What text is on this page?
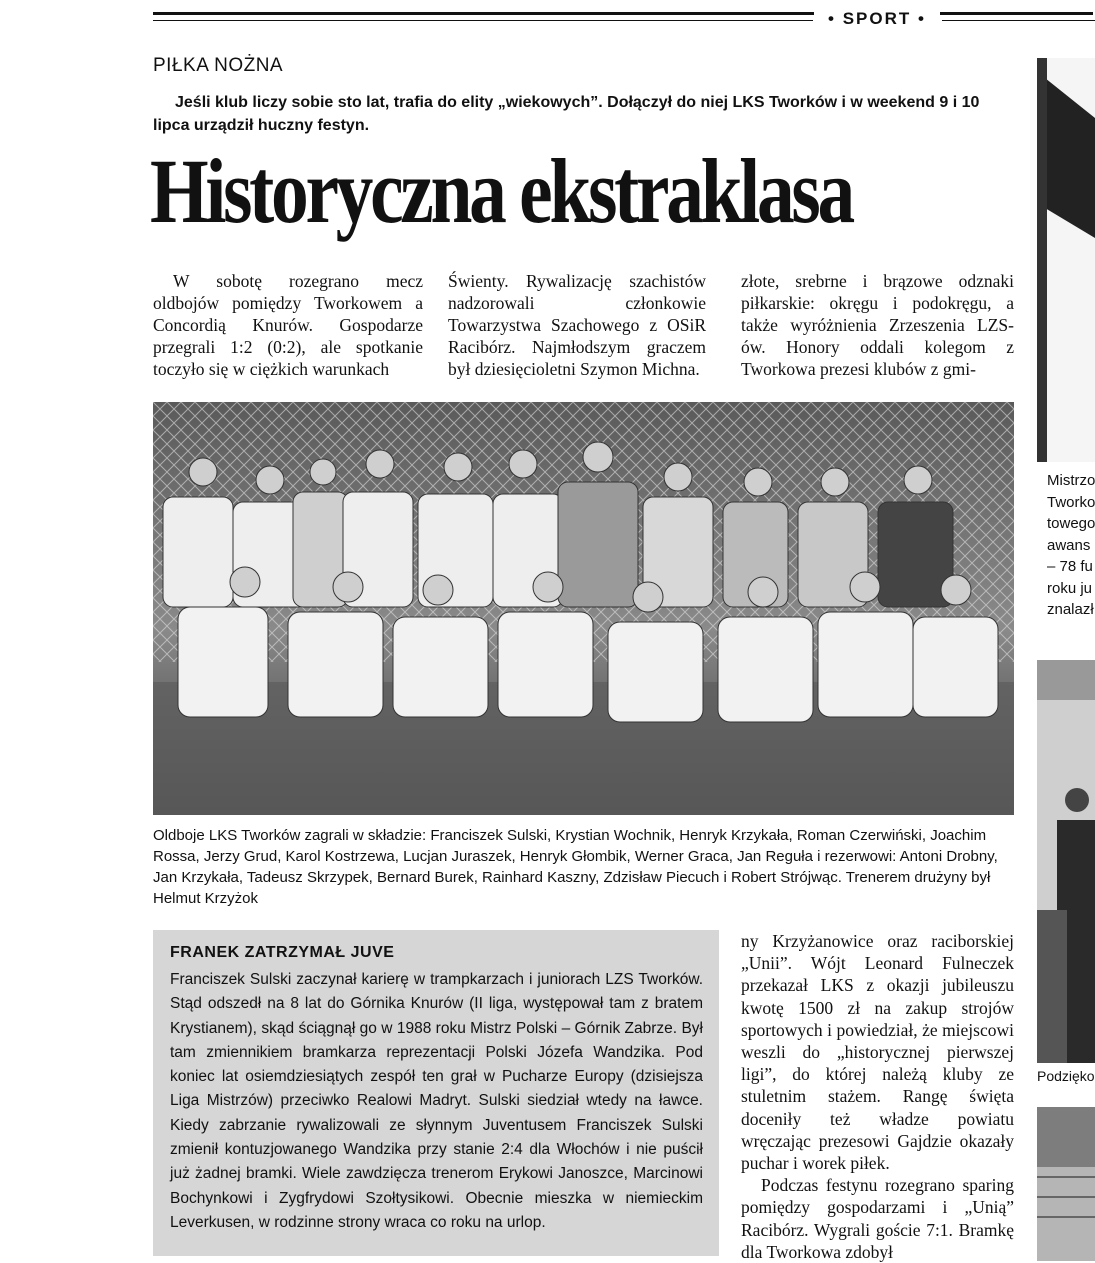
• SPORT •
PIŁKA NOŻNA
Jeśli klub liczy sobie sto lat, trafia do elity „wiekowych”. Dołączył do niej LKS Tworków i w weekend 9 i 10 lipca urządził huczny festyn.
Historyczna ekstraklasa
W sobotę rozegrano mecz oldbojów pomiędzy Tworkowem a Concordią Knurów. Gospodarze przegrali 1:2 (0:2), ale spotkanie toczyło się w ciężkich warunkach
Świenty. Rywalizację szachistów nadzorowali członkowie Towarzystwa Szachowego z OSiR Racibórz. Najmłodszym graczem był dziesięcioletni Szymon Michna.
złote, srebrne i brązowe odznaki piłkarskie: okręgu i podokręgu, a także wyróżnienia Zrzeszenia LZS-ów. Honory oddali kolegom z Tworkowa prezesi klubów z gmi-
Oldboje LKS Tworków zagrali w składzie: Franciszek Sulski, Krystian Wochnik, Henryk Krzykała, Roman Czerwiński, Joachim Rossa, Jerzy Grud, Karol Kostrzewa, Lucjan Juraszek, Henryk Głombik, Werner Graca, Jan Reguła i rezerwowi: Antoni Drobny, Jan Krzykała, Tadeusz Skrzypek, Bernard Burek, Rainhard Kaszny, Zdzisław Piecuch i Robert Strójwąc. Trenerem drużyny był Helmut Krzyżok
FRANEK ZATRZYMAŁ JUVE
Franciszek Sulski zaczynał karierę w trampkarzach i juniorach LZS Tworków. Stąd odszedł na 8 lat do Górnika Knurów (II liga, występował tam z bratem Krystianem), skąd ściągnął go w 1988 roku Mistrz Polski – Górnik Zabrze. Był tam zmiennikiem bramkarza reprezentacji Polski Józefa Wandzika. Pod koniec lat osiemdziesiątych zespół ten grał w Pucharze Europy (dzisiejsza Liga Mistrzów) przeciwko Realowi Madryt. Sulski siedział wtedy na ławce. Kiedy zabrzanie rywalizowali ze słynnym Juventusem Franciszek Sulski zmienił kontuzjowanego Wandzika przy stanie 2:4 dla Włochów i nie puścił już żadnej bramki. Wiele zawdzięcza trenerom Erykowi Janoszce, Marcinowi Bochynkowi i Zygfrydowi Szołtysikowi. Obecnie mieszka w niemieckim Leverkusen, w rodzinne strony wraca co roku na urlop.
ny Krzyżanowice oraz raciborskiej „Unii”. Wójt Leonard Fulneczek przekazał LKS z okazji jubileuszu kwotę 1500 zł na zakup strojów sportowych i powiedział, że miejscowi weszli do „historycznej pierwszej ligi”, do której należą kluby ze stuletnim stażem. Rangę święta doceniły też władze powiatu wręczając prezesowi Gajdzie okazały puchar i worek piłek.
Podczas festynu rozegrano sparing pomiędzy gospodarzami i „Unią” Racibórz. Wygrali goście 7:1. Bramkę dla Tworkowa zdobył
Mistrzo
Tworko
towego
awans
– 78 fu
roku ju
znalazł
Podzięko
